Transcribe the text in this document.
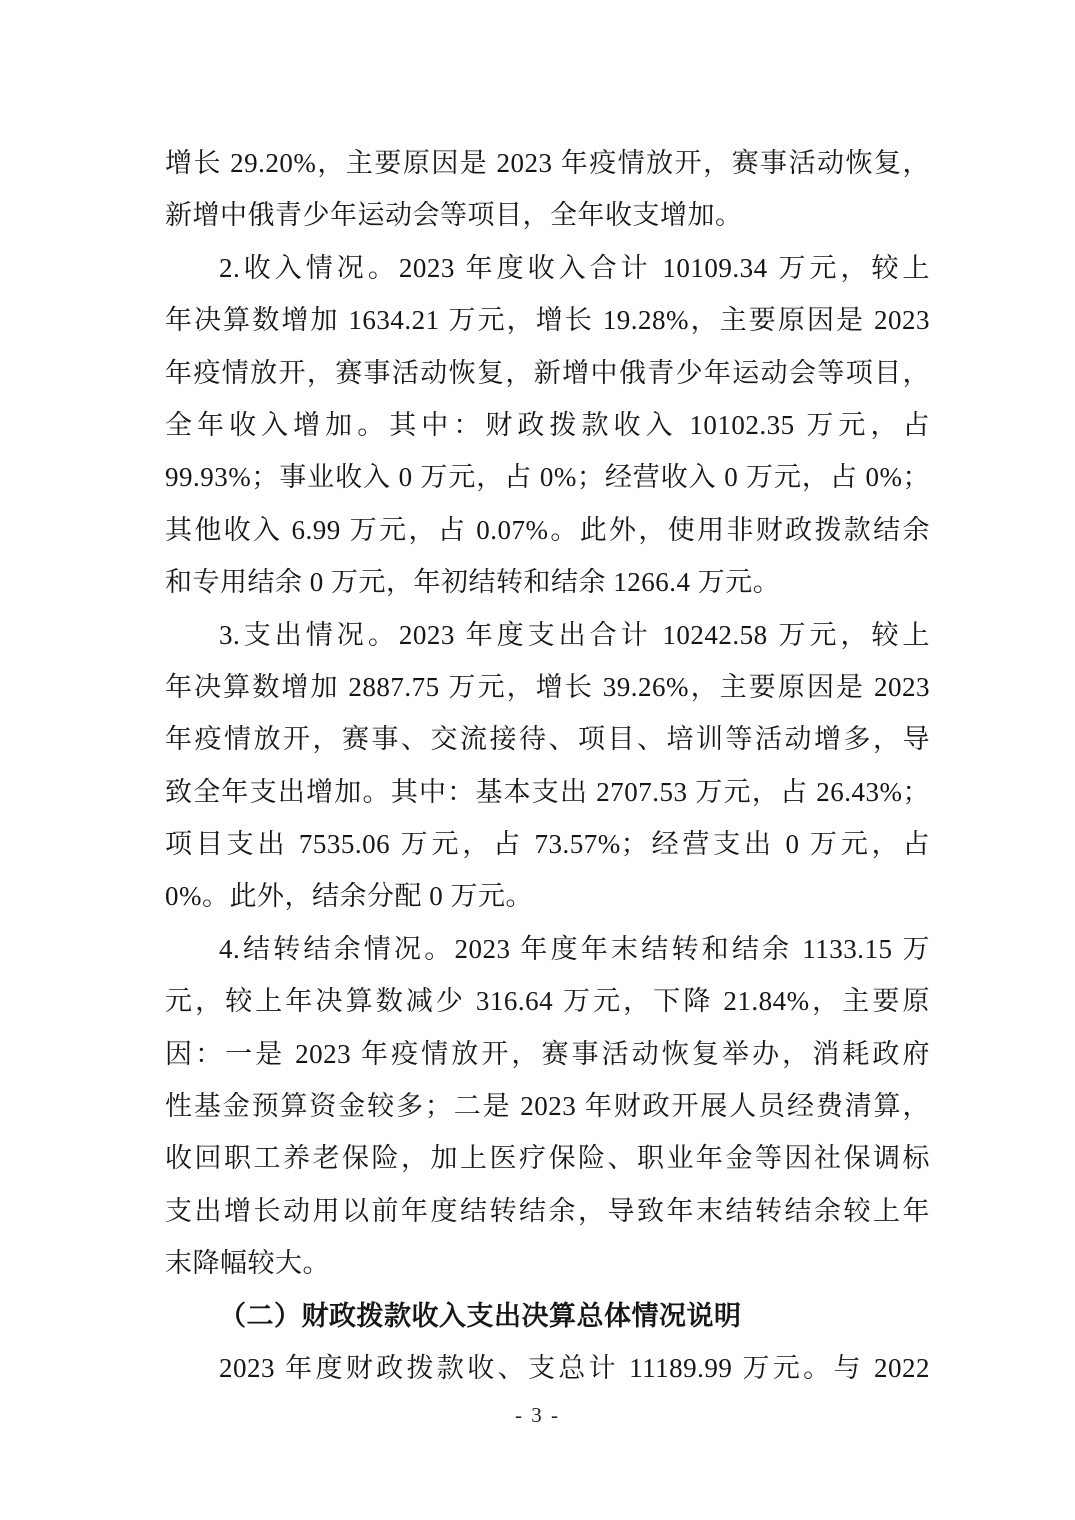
增长 29.20%，主要原因是 2023 年疫情放开，赛事活动恢复，
新增中俄青少年运动会等项目，全年收支增加。
2.收入情况。2023 年度收入合计 10109.34 万元，较上
年决算数增加 1634.21 万元，增长 19.28%，主要原因是 2023
年疫情放开，赛事活动恢复，新增中俄青少年运动会等项目，
全年收入增加。其中：财政拨款收入 10102.35 万元，占
99.93%；事业收入 0 万元，占 0%；经营收入 0 万元，占 0%；
其他收入 6.99 万元，占 0.07%。此外，使用非财政拨款结余
和专用结余 0 万元，年初结转和结余 1266.4 万元。
3.支出情况。2023 年度支出合计 10242.58 万元，较上
年决算数增加 2887.75 万元，增长 39.26%，主要原因是 2023
年疫情放开，赛事、交流接待、项目、培训等活动增多，导
致全年支出增加。其中：基本支出 2707.53 万元，占 26.43%；
项目支出 7535.06 万元，占 73.57%；经营支出 0 万元，占
0%。此外，结余分配 0 万元。
4.结转结余情况。2023 年度年末结转和结余 1133.15 万
元，较上年决算数减少 316.64 万元，下降 21.84%，主要原
因：一是 2023 年疫情放开，赛事活动恢复举办，消耗政府
性基金预算资金较多；二是 2023 年财政开展人员经费清算，
收回职工养老保险，加上医疗保险、职业年金等因社保调标
支出增长动用以前年度结转结余，导致年末结转结余较上年
末降幅较大。
（二）财政拨款收入支出决算总体情况说明
2023 年度财政拨款收、支总计 11189.99 万元。与 2022
- 3 -
